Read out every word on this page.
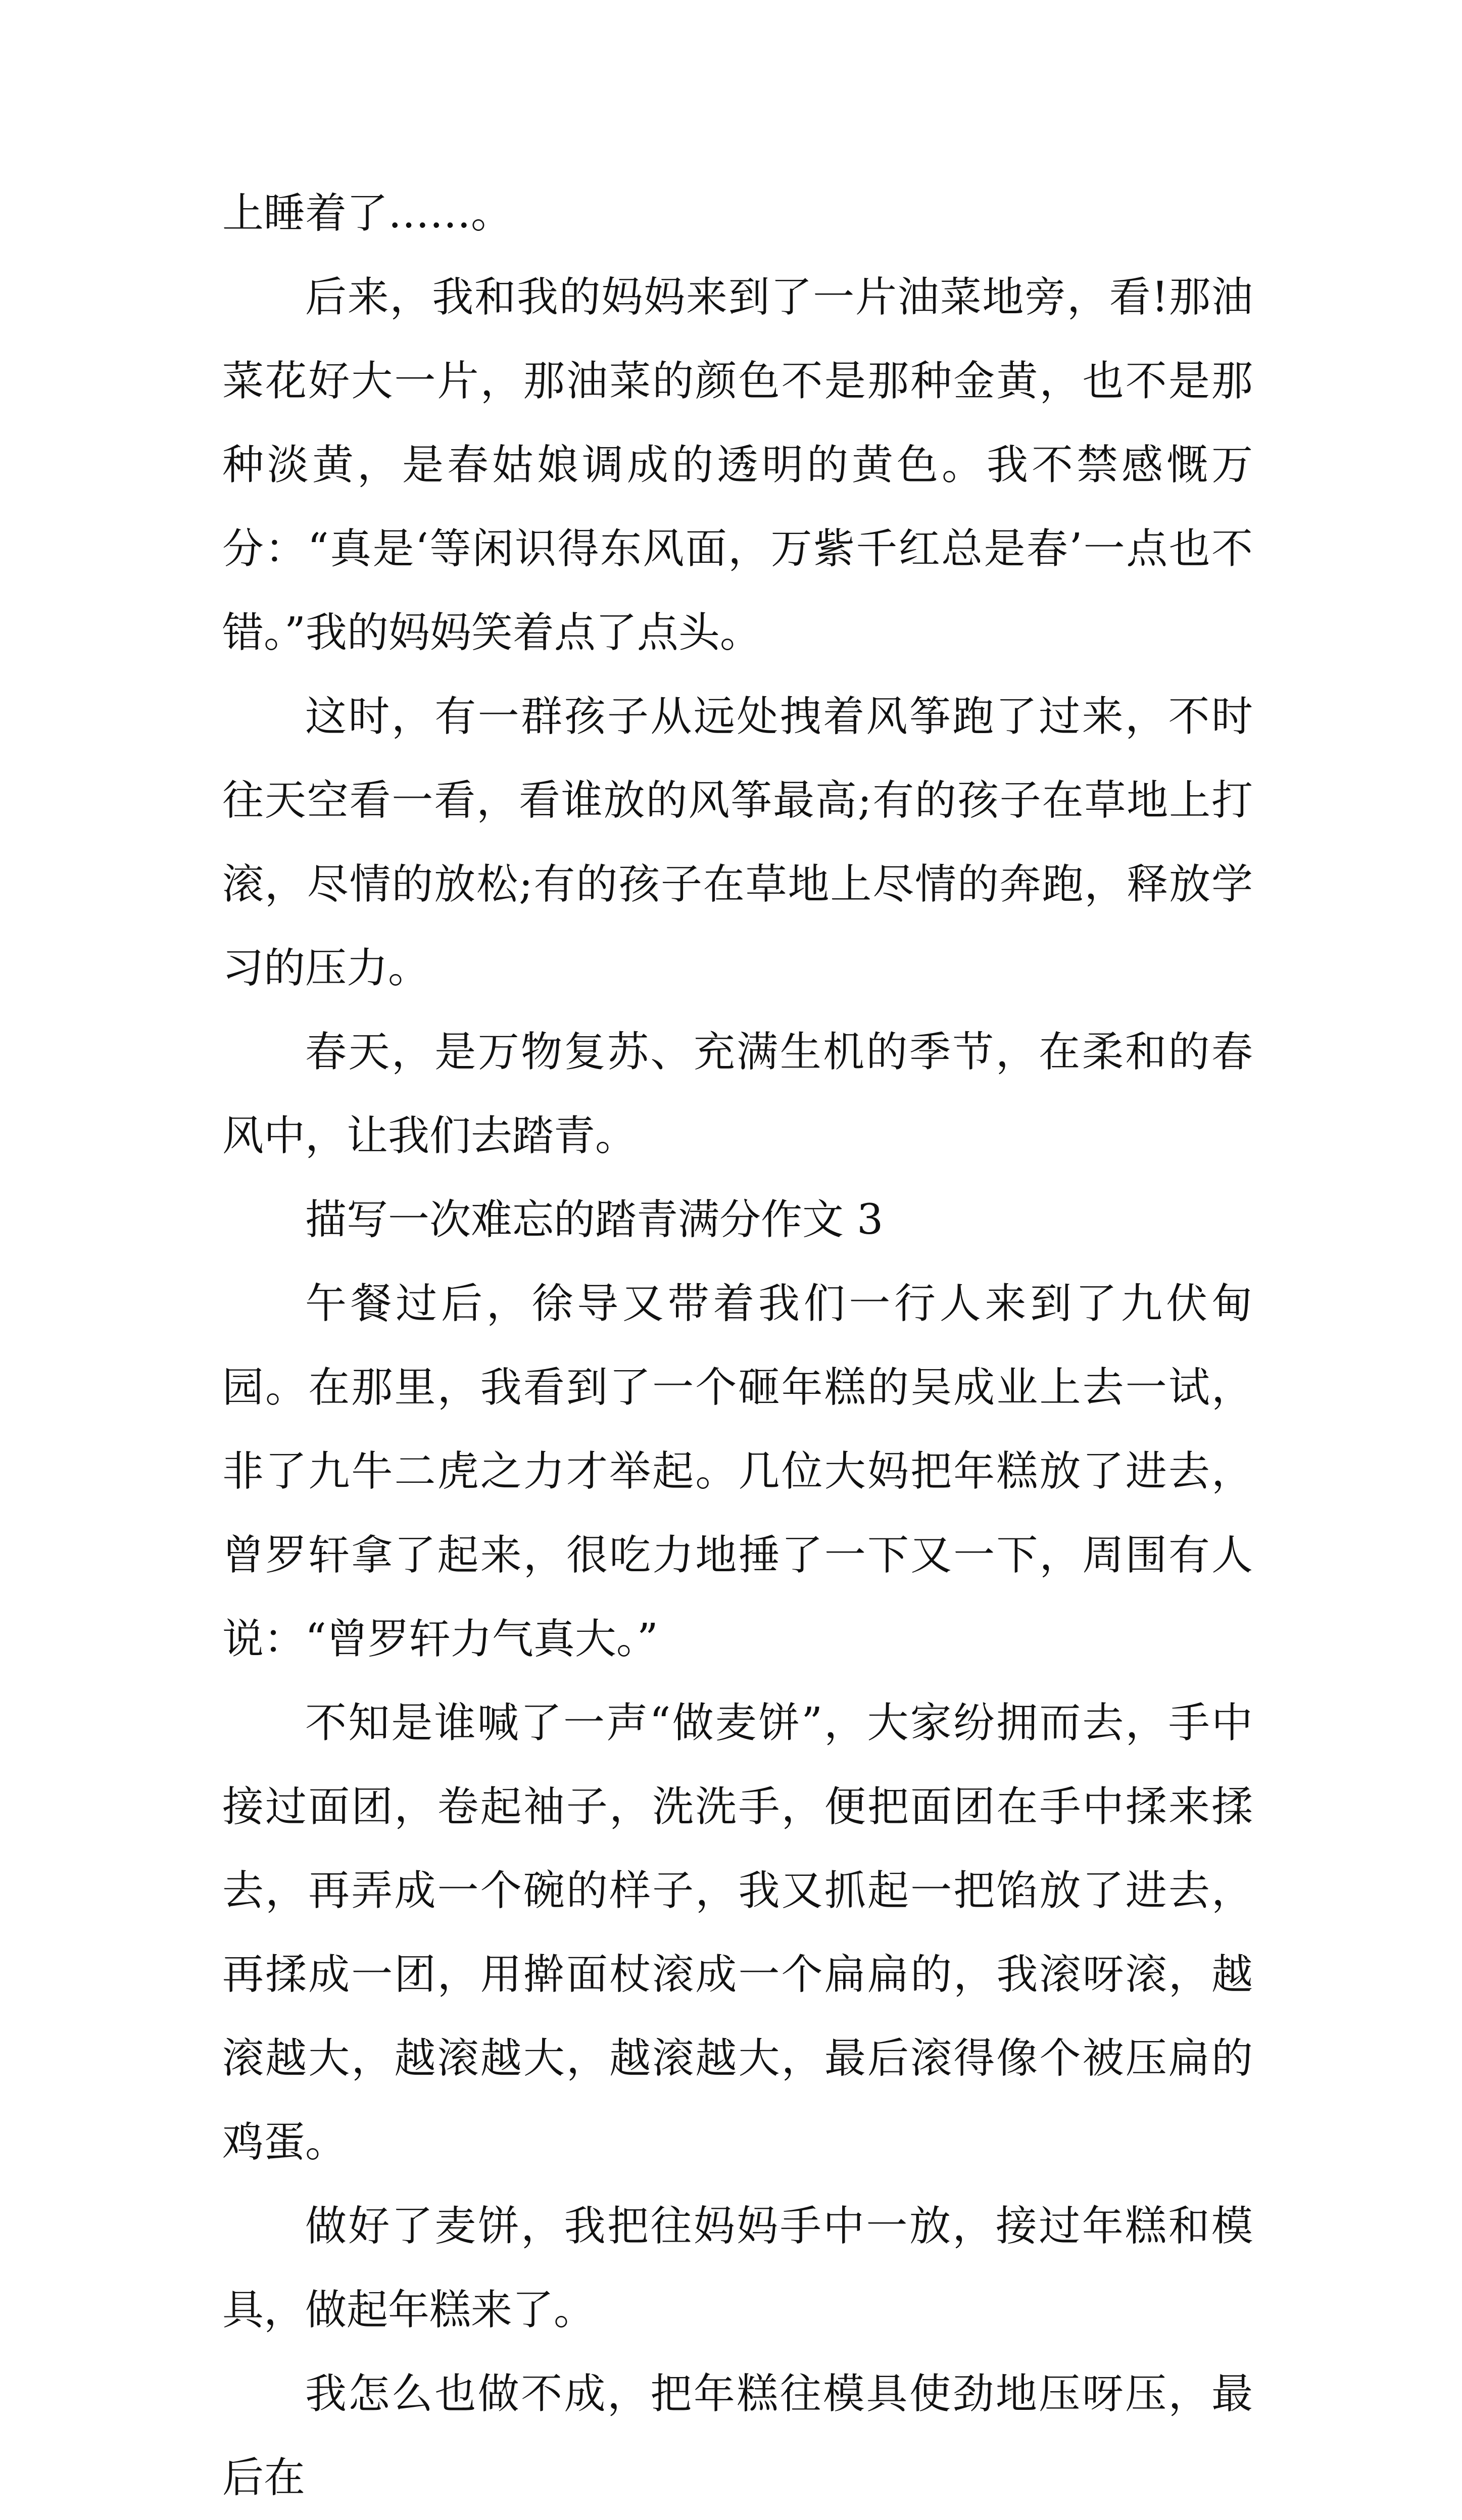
上睡着了……。

后来，我和我的妈妈来到了一片油菜地旁，看!那油菜花好大一片，那油菜的颜色不是那种金黄，也不是那种淡黄，是春姑娘调成的透明的黄色。我不禁感慨万分：“真是‘等闲识得东风面，万紫千红总是春’一点也不错。”我的妈妈笑着点了点头。

这时，有一群孩子从远处拽着风筝跑了过来，不时往天空看一看，看谁放的风筝最高;有的孩子在草地上打滚，尽情的放松;有的孩子在草地上尽情的奔跑，释放学习的压力。

春天，是万物复苏、充满生机的季节，在柔和的春风中，让我们去踏青。

描写一次难忘的踏青满分作文 3

午餐过后，徐导又带着我们一行人来到了九伏甸园。在那里，我看到了一个砸年糕的吴成业上去一试，非了九牛二虎之力才举起。几位大妈把年糕放了进去，曾罗轩拿了起来，很吃力地捶了一下又一下，周围有人说：“曾罗轩力气真大。”

不知是谁喊了一声“做麦饼”，大家纷拥而去，手中接过面团，卷起袖子，洗洗手，便把面团在手中揉来揉去，再弄成一个碗的样子，我又抓起一把馅放了进去，再揉成一团，用擀面杖滚成一个扁扁的，我滚呀滚，越滚越大，越滚越大，越滚越大，最后滚得像个被压扁的鸡蛋。

做好了麦饼，我把往妈妈手中一放，接过年糕和模具，做起年糕来了。

我怎么也做不成，把年糕往模具使劲地压呀压，最后在
